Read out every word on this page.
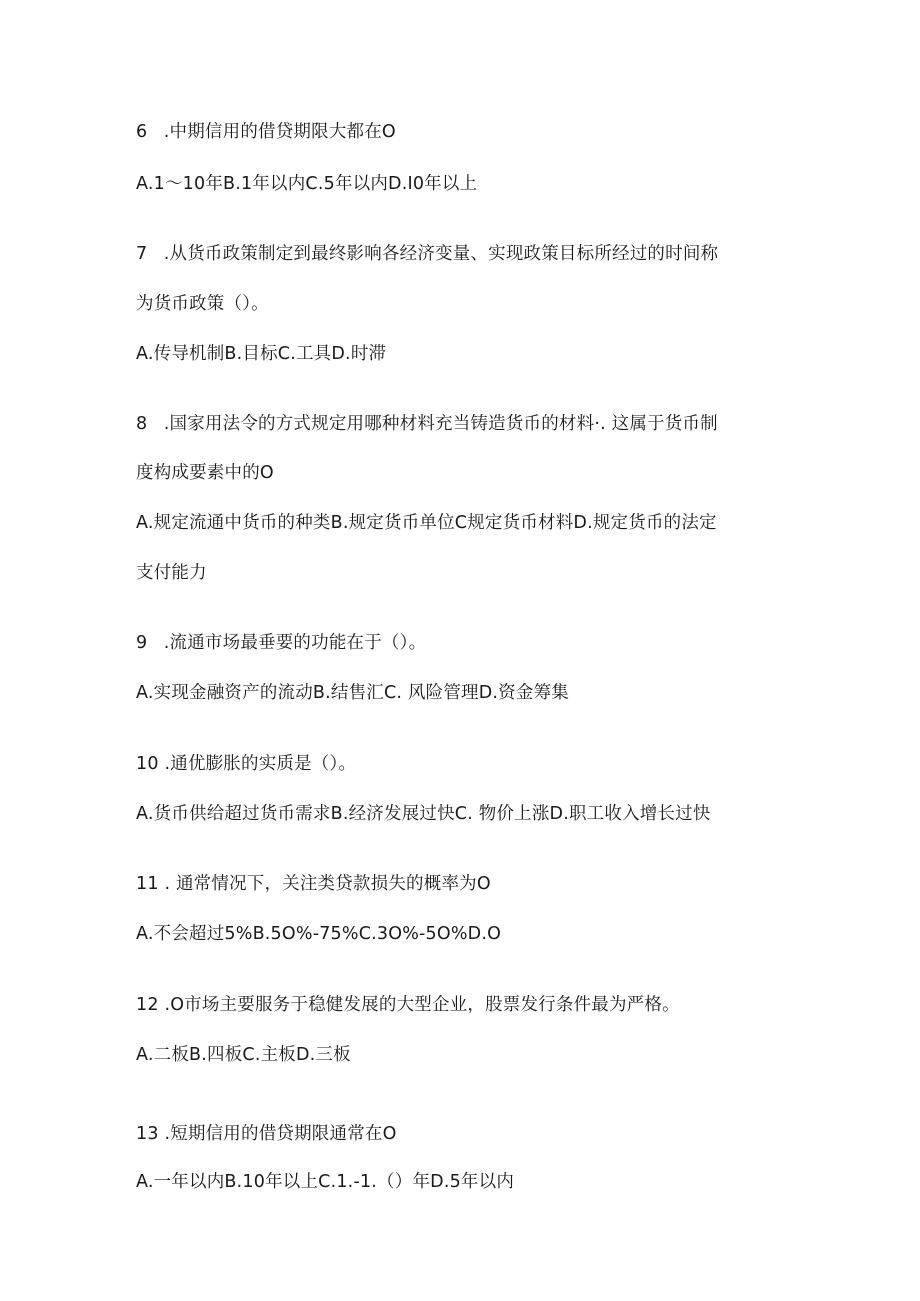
6 .中期信用的借贷期限大都在O
A.1～10年B.1年以内C.5年以内D.I0年以上
7 .从货币政策制定到最终影响各经济变量、实现政策目标所经过的时间称
为货币政策（）。
A.传导机制B.目标C.工具D.时滞
8 .国家用法令的方式规定用哪种材料充当铸造货币的材料·. 这属于货币制
度构成要素中的O
A.规定流通中货币的种类B.规定货币单位C规定货币材料D.规定货币的法定
支付能力
9 .流通市场最垂要的功能在于（）。
A.实现金融资产的流动B.结售汇C. 风险管理D.资金筹集
10 .通优膨胀的实质是（）。
A.货币供给超过货币需求B.经济发展过快C. 物价上涨D.职工收入增长过快
11 . 通常情况下，关注类贷款损失的概率为O
A.不会超过5%B.5O%-75%C.3O%-5O%D.O
12 .O市场主要服务于稳健发展的大型企业，股票发行条件最为严格。
A.二板B.四板C.主板D.三板
13 .短期信用的借贷期限通常在O
A.一年以内B.10年以上C.1.-1.（）年D.5年以内
